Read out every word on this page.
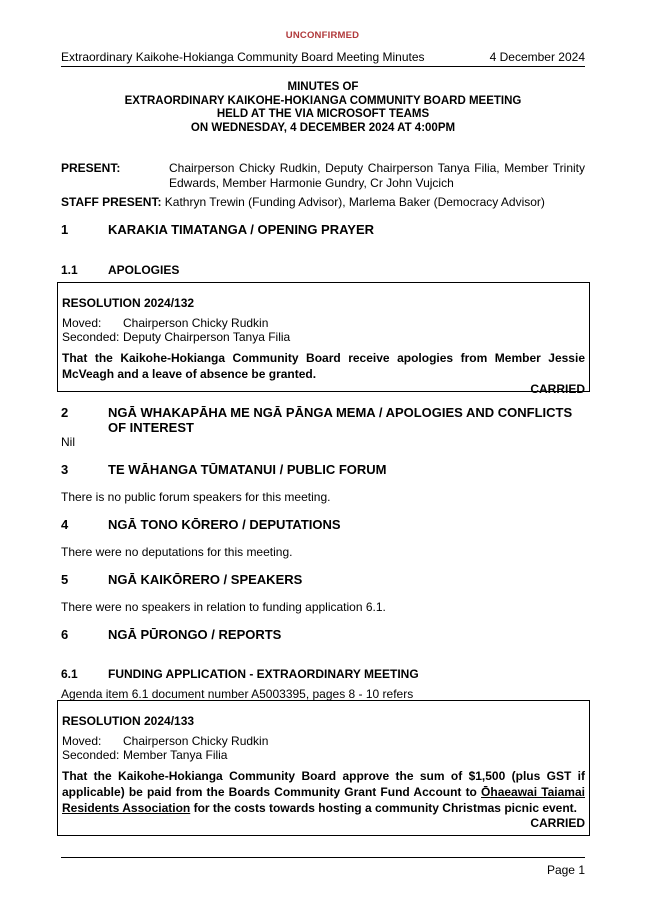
UNCONFIRMED
Extraordinary Kaikohe-Hokianga Community Board Meeting Minutes	4 December 2024
MINUTES OF
EXTRAORDINARY KAIKOHE-HOKIANGA COMMUNITY BOARD MEETING
HELD AT THE VIA MICROSOFT TEAMS
ON WEDNESDAY, 4 DECEMBER 2024 AT 4:00PM
PRESENT:	Chairperson Chicky Rudkin, Deputy Chairperson Tanya Filia, Member Trinity Edwards, Member Harmonie Gundry, Cr John Vujcich
STAFF PRESENT: Kathryn Trewin (Funding Advisor), Marlema Baker (Democracy Advisor)
1	KARAKIA TIMATANGA / OPENING PRAYER
1.1	APOLOGIES
RESOLUTION 2024/132
Moved:	Chairperson Chicky Rudkin
Seconded: Deputy Chairperson Tanya Filia
That the Kaikohe-Hokianga Community Board receive apologies from Member Jessie McVeagh and a leave of absence be granted.
CARRIED
2	NGĀ WHAKAPĀHA ME NGĀ PĀNGA MEMA / APOLOGIES AND CONFLICTS OF INTEREST
Nil
3	TE WĀHANGA TŪMATANUI / PUBLIC FORUM
There is no public forum speakers for this meeting.
4	NGĀ TONO KŌRERO / DEPUTATIONS
There were no deputations for this meeting.
5	NGĀ KAIKŌRERO / SPEAKERS
There were no speakers in relation to funding application 6.1.
6	NGĀ PŪRONGO / REPORTS
6.1	FUNDING APPLICATION - EXTRAORDINARY MEETING
Agenda item 6.1 document number A5003395, pages 8 - 10 refers
RESOLUTION 2024/133
Moved:	Chairperson Chicky Rudkin
Seconded: Member Tanya Filia
That the Kaikohe-Hokianga Community Board approve the sum of $1,500 (plus GST if applicable) be paid from the Boards Community Grant Fund Account to Ōhaeawai Taiamai Residents Association for the costs towards hosting a community Christmas picnic event.
CARRIED
Page 1
